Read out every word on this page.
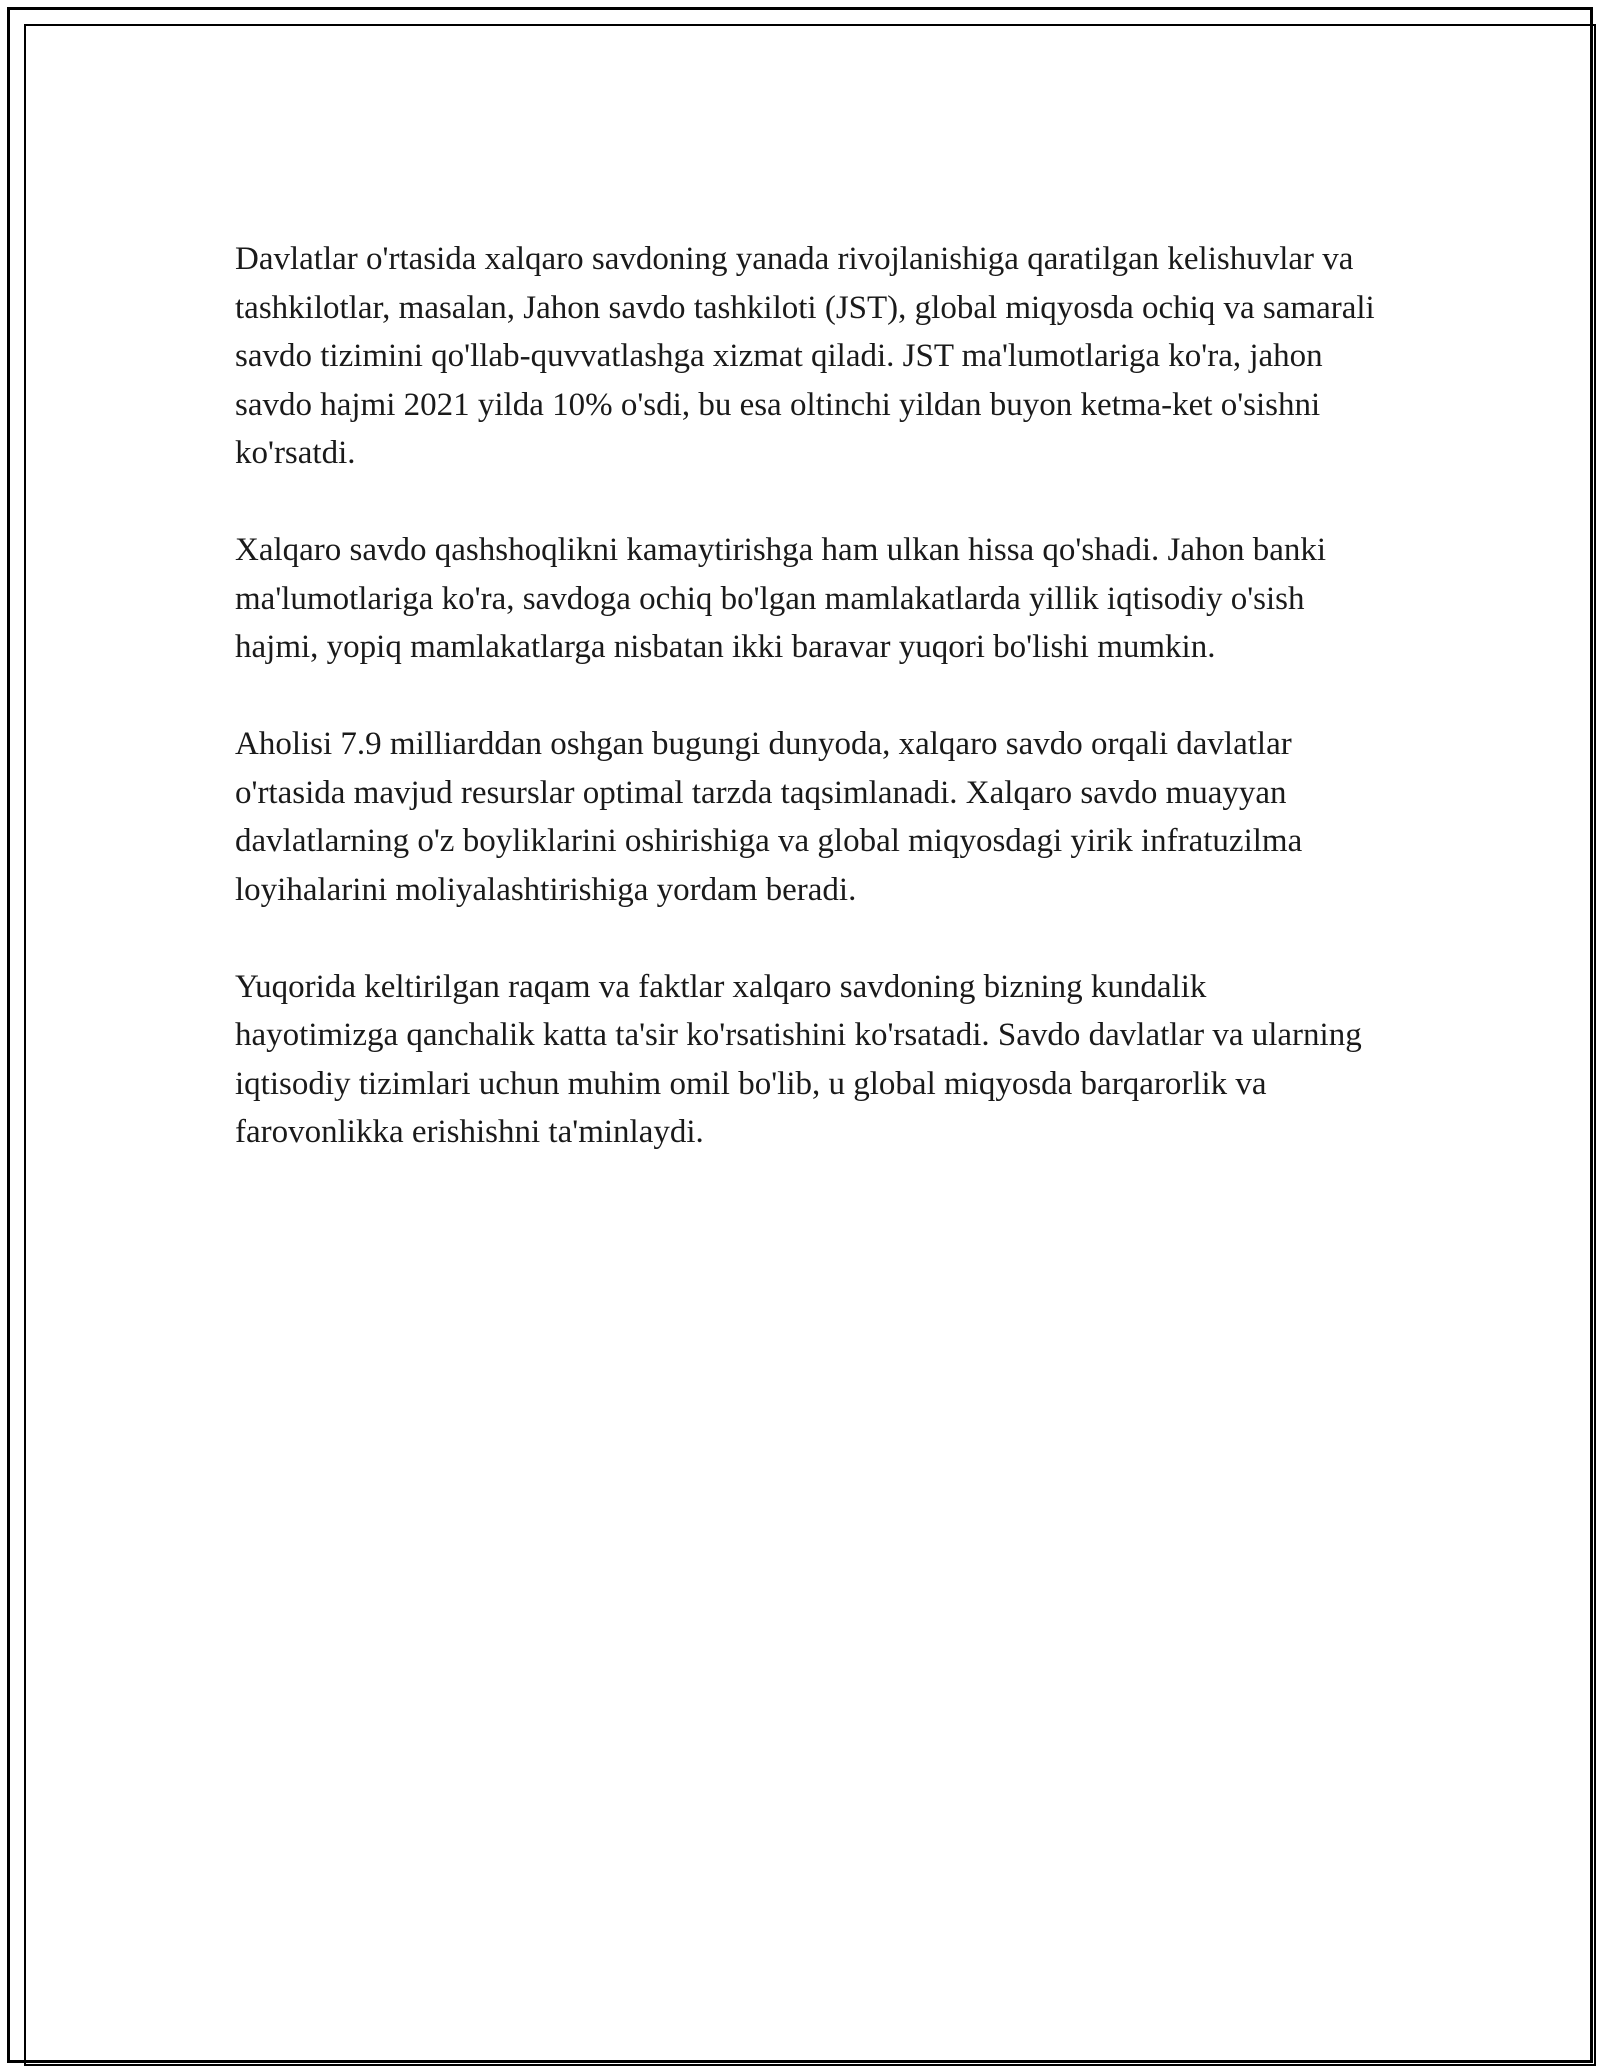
Davlatlar o'rtasida xalqaro savdoning yanada rivojlanishiga qaratilgan kelishuvlar va tashkilotlar, masalan, Jahon savdo tashkiloti (JST), global miqyosda ochiq va samarali savdo tizimini qo'llab-quvvatlashga xizmat qiladi. JST ma'lumotlariga ko'ra, jahon savdo hajmi 2021 yilda 10% o'sdi, bu esa oltinchi yildan buyon ketma-ket o'sishni ko'rsatdi.

Xalqaro savdo qashshoqlikni kamaytirishga ham ulkan hissa qo'shadi. Jahon banki ma'lumotlariga ko'ra, savdoga ochiq bo'lgan mamlakatlarda yillik iqtisodiy o'sish hajmi, yopiq mamlakatlarga nisbatan ikki baravar yuqori bo'lishi mumkin.

Aholisi 7.9 milliarddan oshgan bugungi dunyoda, xalqaro savdo orqali davlatlar o'rtasida mavjud resurslar optimal tarzda taqsimlanadi. Xalqaro savdo muayyan davlatlarning o'z boyliklarini oshirishiga va global miqyosdagi yirik infratuzilma loyihalarini moliyalashtirishiga yordam beradi.

Yuqorida keltirilgan raqam va faktlar xalqaro savdoning bizning kundalik hayotimizga qanchalik katta ta'sir ko'rsatishini ko'rsatadi. Savdo davlatlar va ularning iqtisodiy tizimlari uchun muhim omil bo'lib, u global miqyosda barqarorlik va farovonlikka erishishni ta'minlaydi.
